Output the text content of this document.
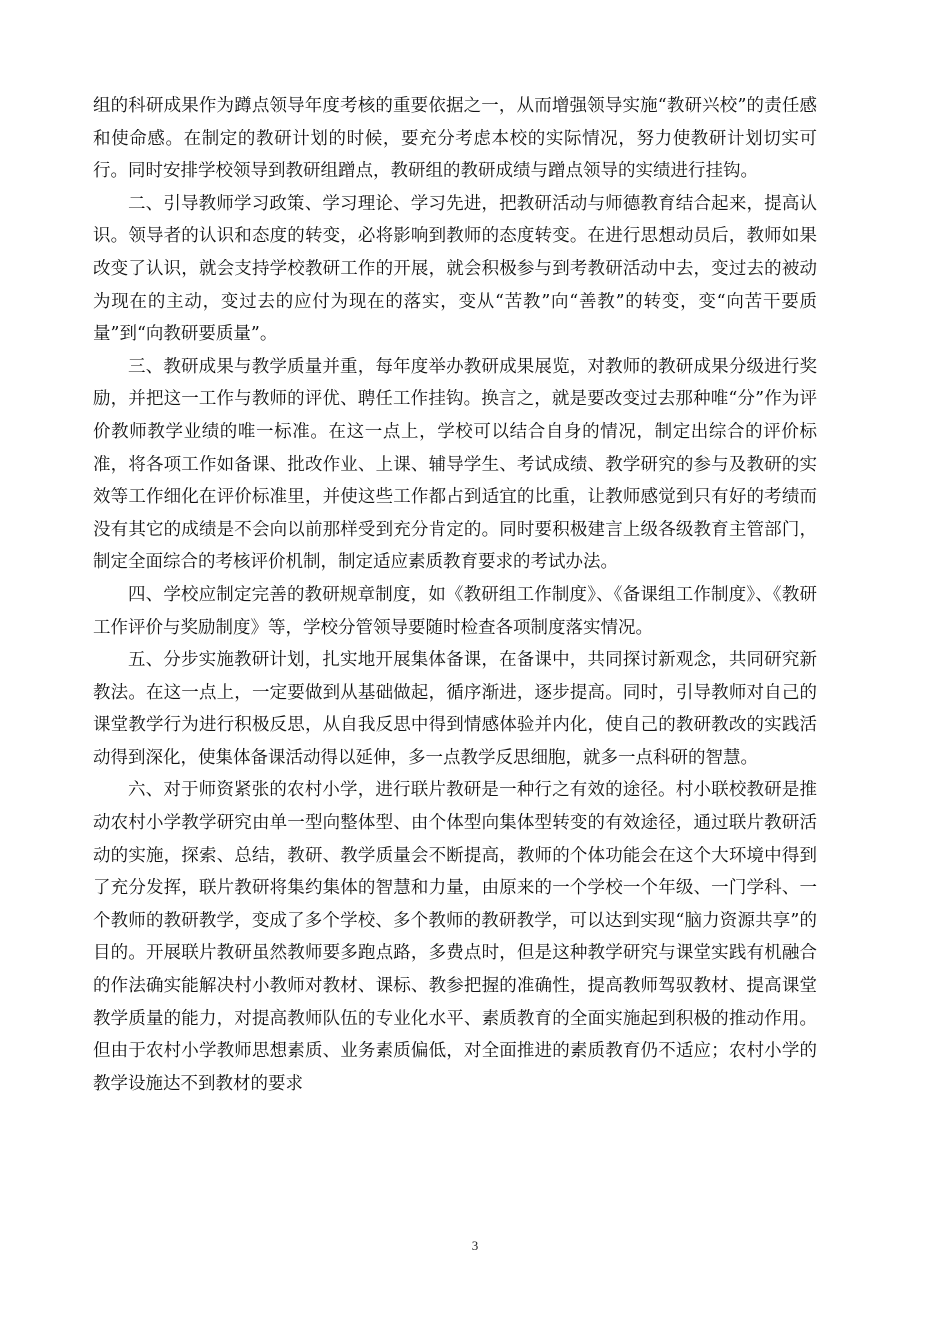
组的科研成果作为蹲点领导年度考核的重要依据之一，从而增强领导实施“教研兴校”的责任感和使命感。在制定的教研计划的时候，要充分考虑本校的实际情况，努力使教研计划切实可行。同时安排学校领导到教研组蹭点，教研组的教研成绩与蹭点领导的实绩进行挂钩。

二、引导教师学习政策、学习理论、学习先进，把教研活动与师德教育结合起来，提高认识。领导者的认识和态度的转变，必将影响到教师的态度转变。在进行思想动员后，教师如果改变了认识，就会支持学校教研工作的开展，就会积极参与到考教研活动中去，变过去的被动为现在的主动，变过去的应付为现在的落实，变从“苦教”向“善教”的转变，变“向苦干要质量”到“向教研要质量”。

三、教研成果与教学质量并重，每年度举办教研成果展览，对教师的教研成果分级进行奖励，并把这一工作与教师的评优、聘任工作挂钩。换言之，就是要改变过去那种唯“分”作为评价教师教学业绩的唯一标准。在这一点上，学校可以结合自身的情况，制定出综合的评价标准，将各项工作如备课、批改作业、上课、辅导学生、考试成绩、教学研究的参与及教研的实效等工作细化在评价标准里，并使这些工作都占到适宜的比重，让教师感觉到只有好的考绩而没有其它的成绩是不会向以前那样受到充分肯定的。同时要积极建言上级各级教育主管部门，制定全面综合的考核评价机制，制定适应素质教育要求的考试办法。

四、学校应制定完善的教研规章制度，如《教研组工作制度》、《备课组工作制度》、《教研工作评价与奖励制度》等，学校分管领导要随时检查各项制度落实情况。

五、分步实施教研计划，扎实地开展集体备课，在备课中，共同探讨新观念，共同研究新教法。在这一点上，一定要做到从基础做起，循序渐进，逐步提高。同时，引导教师对自己的课堂教学行为进行积极反思，从自我反思中得到情感体验并内化，使自己的教研教改的实践活动得到深化，使集体备课活动得以延伸，多一点教学反思细胞，就多一点科研的智慧。

六、对于师资紧张的农村小学，进行联片教研是一种行之有效的途径。村小联校教研是推动农村小学教学研究由单一型向整体型、由个体型向集体型转变的有效途径，通过联片教研活动的实施，探索、总结，教研、教学质量会不断提高，教师的个体功能会在这个大环境中得到了充分发挥，联片教研将集约集体的智慧和力量，由原来的一个学校一个年级、一门学科、一个教师的教研教学，变成了多个学校、多个教师的教研教学，可以达到实现“脑力资源共享”的目的。开展联片教研虽然教师要多跑点路，多费点时，但是这种教学研究与课堂实践有机融合的作法确实能解决村小教师对教材、课标、教参把握的准确性，提高教师驾驭教材、提高课堂教学质量的能力，对提高教师队伍的专业化水平、素质教育的全面实施起到积极的推动作用。但由于农村小学教师思想素质、业务素质偏低，对全面推进的素质教育仍不适应；农村小学的教学设施达不到教材的要求

3
